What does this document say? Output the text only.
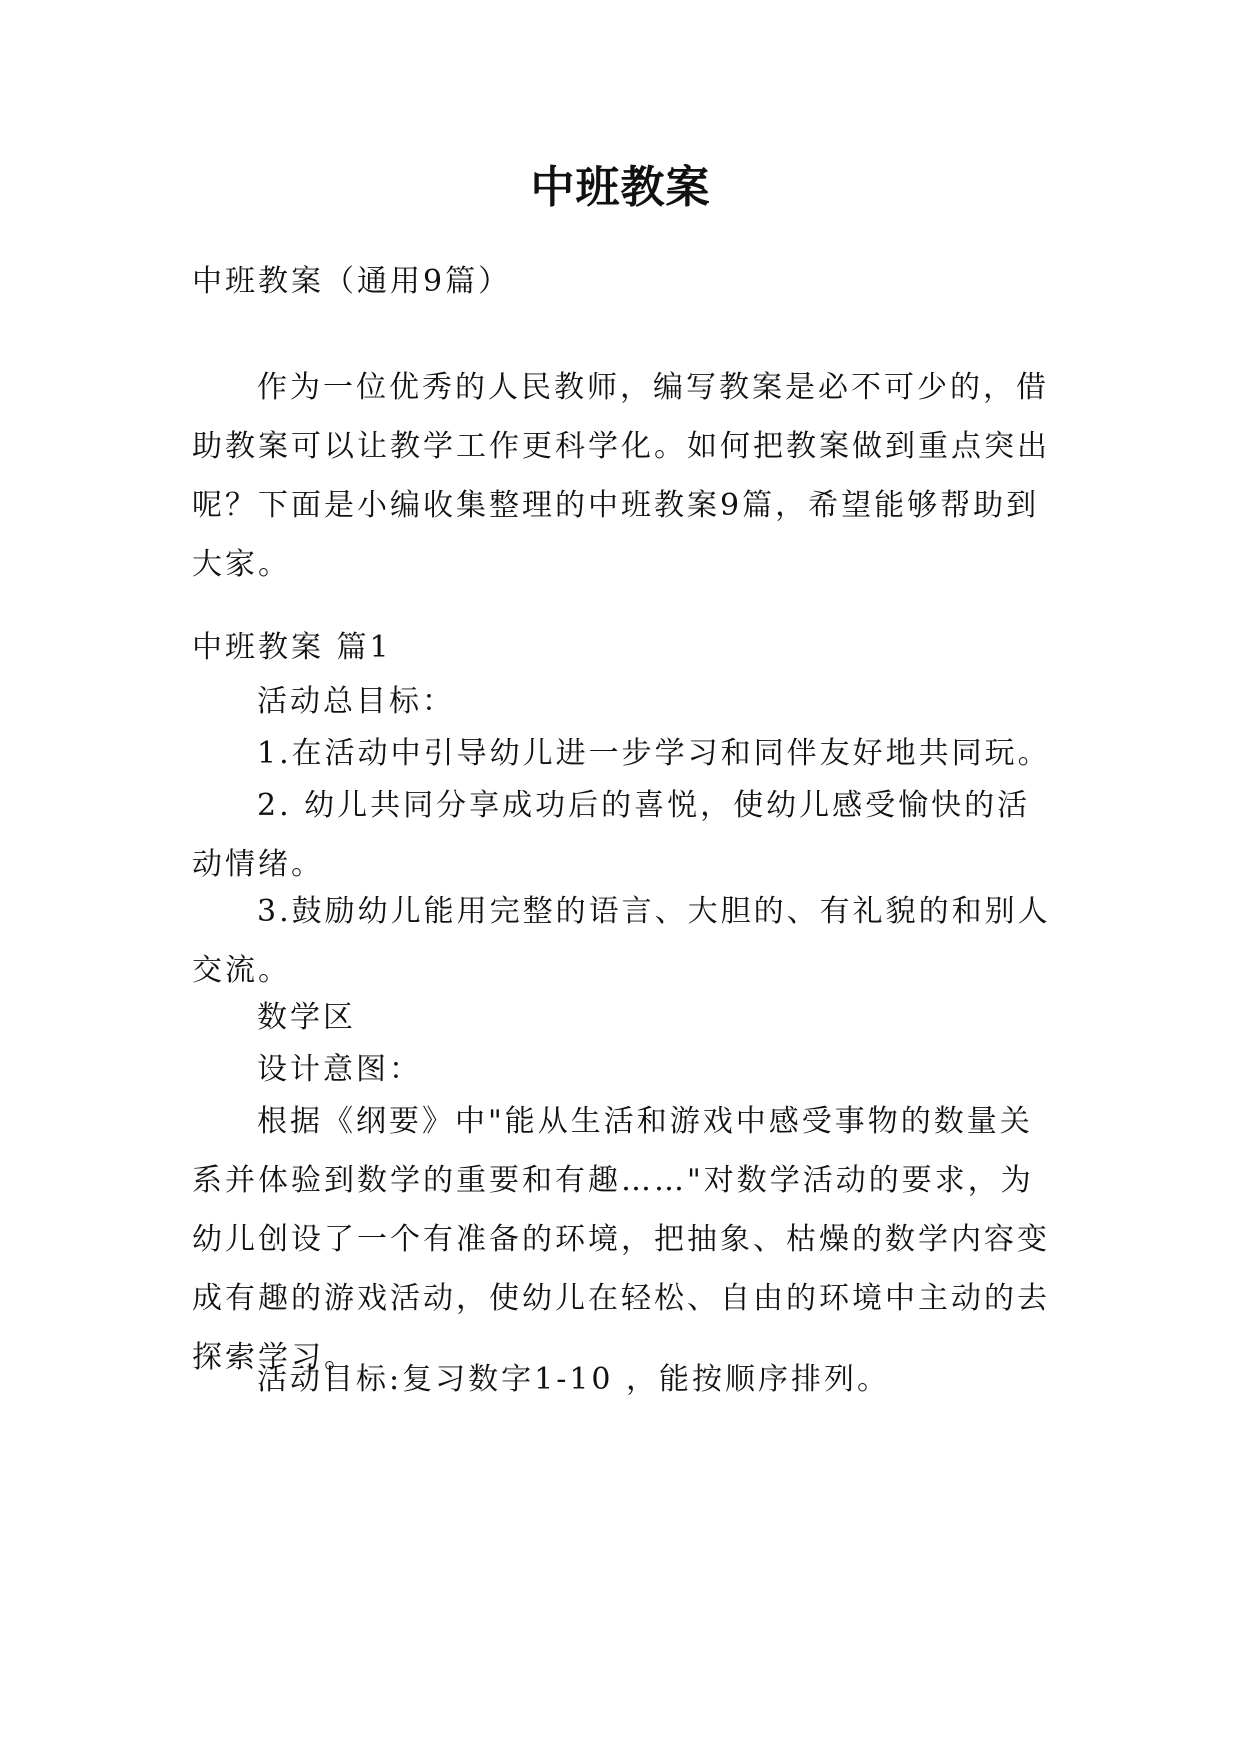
中班教案
中班教案（通用9篇）
作为一位优秀的人民教师，编写教案是必不可少的，借
助教案可以让教学工作更科学化。如何把教案做到重点突出
呢？下面是小编收集整理的中班教案9篇，希望能够帮助到
大家。
中班教案 篇1
活动总目标：
1.在活动中引导幼儿进一步学习和同伴友好地共同玩。
2. 幼儿共同分享成功后的喜悦，使幼儿感受愉快的活
动情绪。
3.鼓励幼儿能用完整的语言、大胆的、有礼貌的和别人
交流。
数学区
设计意图：
根据《纲要》中"能从生活和游戏中感受事物的数量关
系并体验到数学的重要和有趣……"对数学活动的要求，为
幼儿创设了一个有准备的环境，把抽象、枯燥的数学内容变
成有趣的游戏活动，使幼儿在轻松、自由的环境中主动的去
探索学习。
活动目标:复习数字1-10 ，能按顺序排列。
